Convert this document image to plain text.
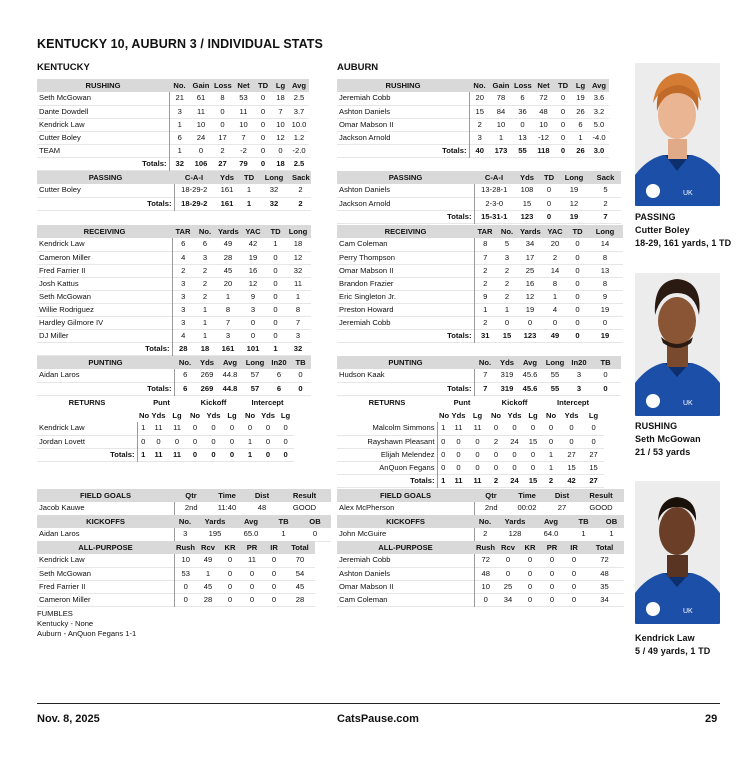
KENTUCKY 10, AUBURN 3 / INDIVIDUAL STATS
KENTUCKY	AUBURN
RUSHING	No.	Gain	Loss	Net	TD	Lg	Avg
Seth McGowan	21	61	8	53	0	18	2.5
Dante Dowdell	3	11	0	11	0	7	3.7
Kendrick Law	1	10	0	10	0	10	10.0
Cutter Boley	6	24	17	7	0	12	1.2
TEAM	1	0	2	-2	0	0	-2.0
Totals:	32	106	27	79	0	18	2.5
PASSING	C-A-I	Yds	TD	Long	Sack
Cutter Boley	18-29-2	161	1	32	2
Totals:	18-29-2	161	1	32	2
RECEIVING	TAR	No.	Yards	YAC	TD	Long
Kendrick Law	6	6	49	42	1	18
Cameron Miller	4	3	28	19	0	12
Fred Farrier II	2	2	45	16	0	32
Josh Kattus	3	2	20	12	0	11
Seth McGowan	3	2	1	9	0	1
Willie Rodriguez	3	1	8	3	0	8
Hardley Gilmore IV	3	1	7	0	0	7
DJ Miller	4	1	3	0	0	3
Totals:	28	18	161	101	1	32
PUNTING	No.	Yds	Avg	Long	In20	TB
Aidan Laros	6	269	44.8	57	6	0
Totals:	6	269	44.8	57	6	0
RETURNS	Punt			Kickoff			Intercept		
	No	Yds	Lg	No	Yds	Lg	No	Yds	Lg
Kendrick Law	1	11	11	0	0	0	0	0	0
Jordan Lovett	0	0	0	0	0	0	1	0	0
Totals:	1	11	11	0	0	0	1	0	0
FIELD GOALS	Qtr	Time	Dist	Result
Jacob Kauwe	2nd	11:40	48	GOOD
KICKOFFS	No.	Yards	Avg	TB	OB
Aidan Laros	3	195	65.0	1	0
ALL-PURPOSE	Rush	Rcv	KR	PR	IR	Total
Kendrick Law	10	49	0	11	0	70
Seth McGowan	53	1	0	0	0	54
Fred Farrier II	0	45	0	0	0	45
Cameron Miller	0	28	0	0	0	28
RUSHING	No.	Gain	Loss	Net	TD	Lg	Avg
Jeremiah Cobb	20	78	6	72	0	19	3.6
Ashton Daniels	15	84	36	48	0	26	3.2
Omar Mabson II	2	10	0	10	0	6	5.0
Jackson Arnold	3	1	13	-12	0	1	-4.0
Totals:	40	173	55	118	0	26	3.0
PASSING	C-A-I	Yds	TD	Long	Sack
Ashton Daniels	13-28-1	108	0	19	5
Jackson Arnold	2-3-0	15	0	12	2
Totals:	15-31-1	123	0	19	7
RECEIVING	TAR	No.	Yards	YAC	TD	Long
Cam Coleman	8	5	34	20	0	14
Perry Thompson	7	3	17	2	0	8
Omar Mabson II	2	2	25	14	0	13
Brandon Frazier	2	2	16	8	0	8
Eric Singleton Jr.	9	2	12	1	0	9
Preston Howard	1	1	19	4	0	19
Jeremiah Cobb	2	0	0	0	0	0
Totals:	31	15	123	49	0	19
PUNTING	No.	Yds	Avg	Long	In20	TB
Hudson Kaak	7	319	45.6	55	3	0
Totals:	7	319	45.6	55	3	0
RETURNS	Punt			Kickoff			Intercept		
	No	Yds	Lg	No	Yds	Lg	No	Yds	Lg
Malcolm Simmons	1	11	11	0	0	0	0	0	0
Rayshawn Pleasant	0	0	0	2	24	15	0	0	0
Elijah Melendez	0	0	0	0	0	0	1	27	27
AnQuon Fegans	0	0	0	0	0	0	1	15	15
Totals:	1	11	11	2	24	15	2	42	27
FIELD GOALS	Qtr	Time	Dist	Result
Alex McPherson	2nd	00:02	27	GOOD
KICKOFFS	No.	Yards	Avg	TB	OB
John McGuire	2	128	64.0	1	1
ALL-PURPOSE	Rush	Rcv	KR	PR	IR	Total
Jeremiah Cobb	72	0	0	0	0	72
Ashton Daniels	48	0	0	0	0	48
Omar Mabson II	10	25	0	0	0	35
Cam Coleman	0	34	0	0	0	34
UK
PASSING
Cutter Boley
18-29, 161 yards, 1 TD
UK
RUSHING
Seth McGowan
21 / 53 yards
UK
Kendrick Law
5 / 49 yards, 1 TD
FUMBLES
Kentucky - None
Auburn - AnQuon Fegans 1-1
Nov. 8, 2025	CatsPause.com	29
